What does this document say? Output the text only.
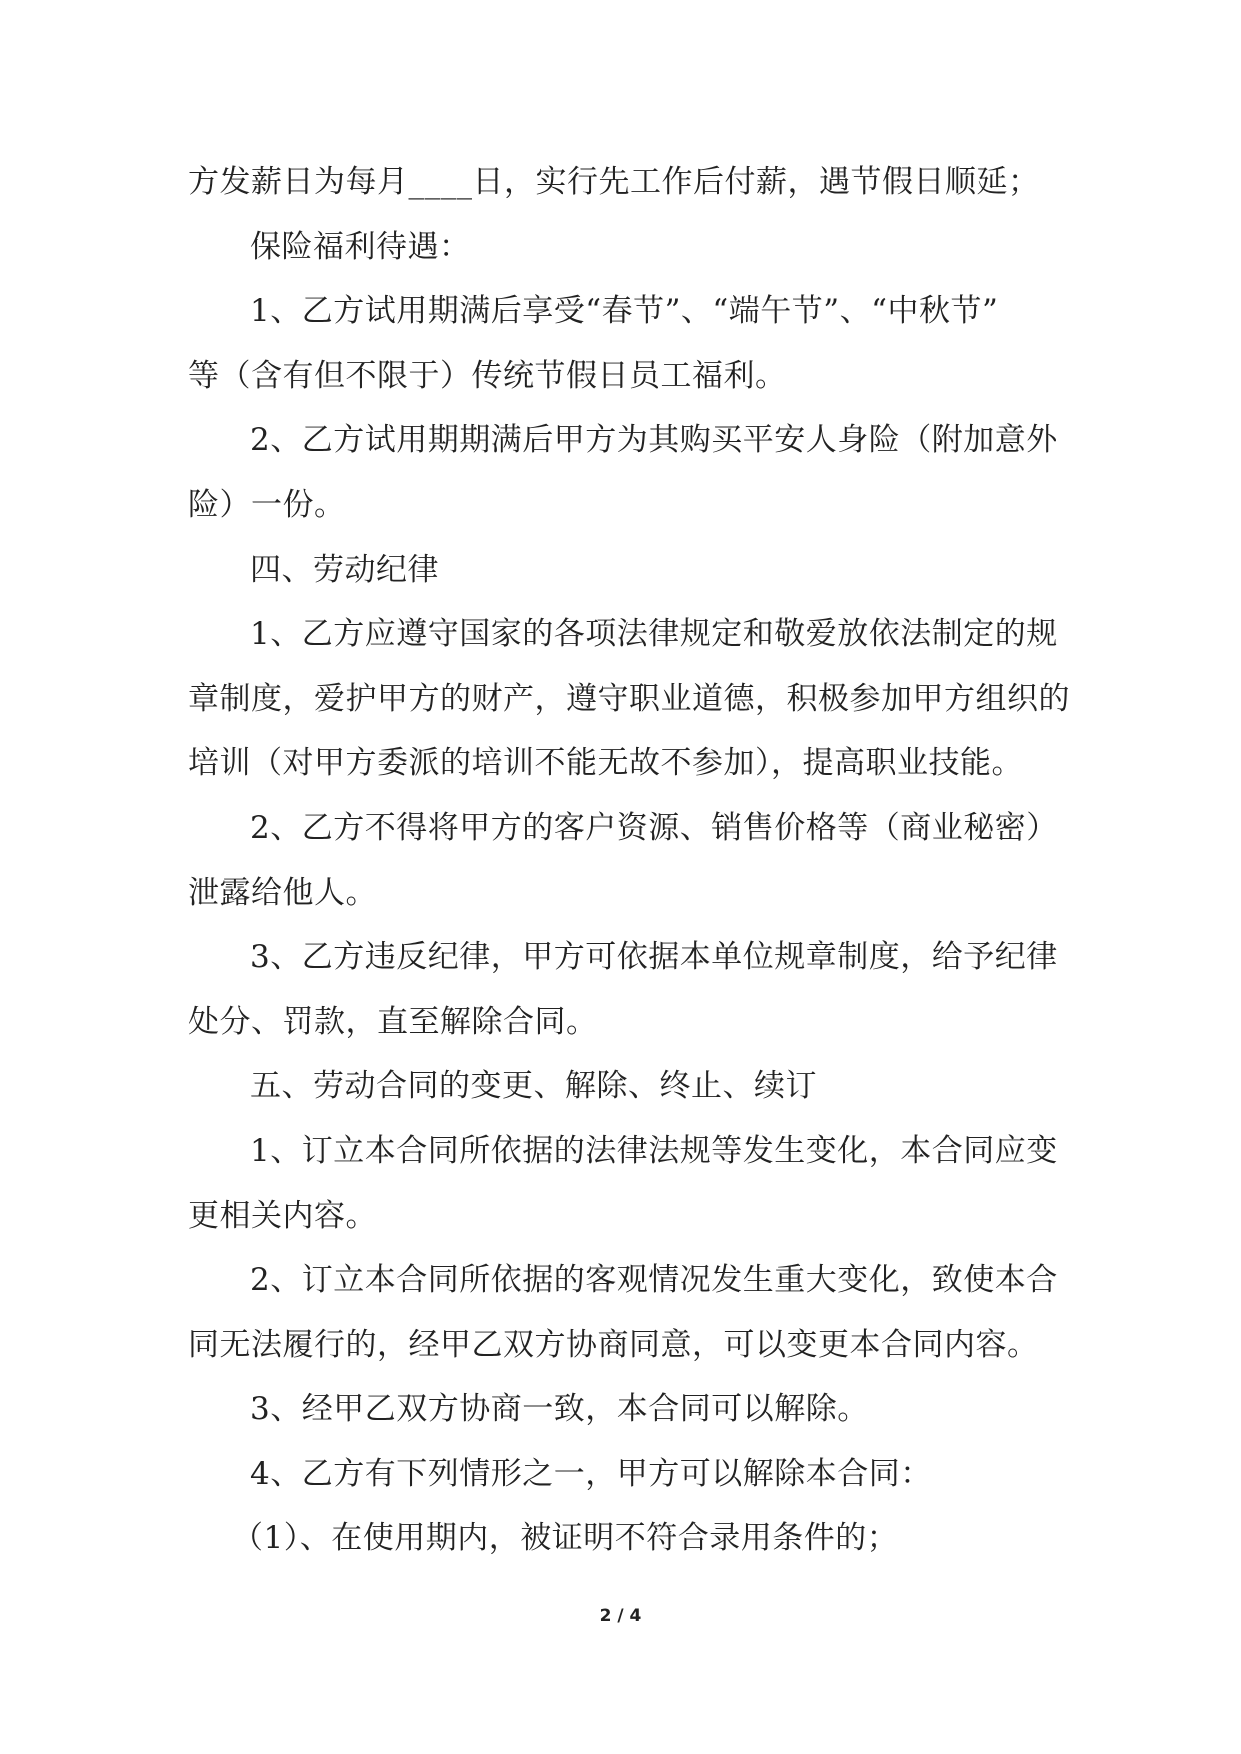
方发薪日为每月____日，实行先工作后付薪，遇节假日顺延；
保险福利待遇：
1、乙方试用期满后享受“春节”、“端午节”、“中秋节”
等（含有但不限于）传统节假日员工福利。
2、乙方试用期期满后甲方为其购买平安人身险（附加意外
险）一份。
四、劳动纪律
1、乙方应遵守国家的各项法律规定和敬爱放依法制定的规
章制度，爱护甲方的财产，遵守职业道德，积极参加甲方组织的
培训（对甲方委派的培训不能无故不参加），提高职业技能。
2、乙方不得将甲方的客户资源、销售价格等（商业秘密）
泄露给他人。
3、乙方违反纪律，甲方可依据本单位规章制度，给予纪律
处分、罚款，直至解除合同。
五、劳动合同的变更、解除、终止、续订
1、订立本合同所依据的法律法规等发生变化，本合同应变
更相关内容。
2、订立本合同所依据的客观情况发生重大变化，致使本合
同无法履行的，经甲乙双方协商同意，可以变更本合同内容。
3、经甲乙双方协商一致，本合同可以解除。
4、乙方有下列情形之一，甲方可以解除本合同：
（1）、在使用期内，被证明不符合录用条件的；
2 / 4
